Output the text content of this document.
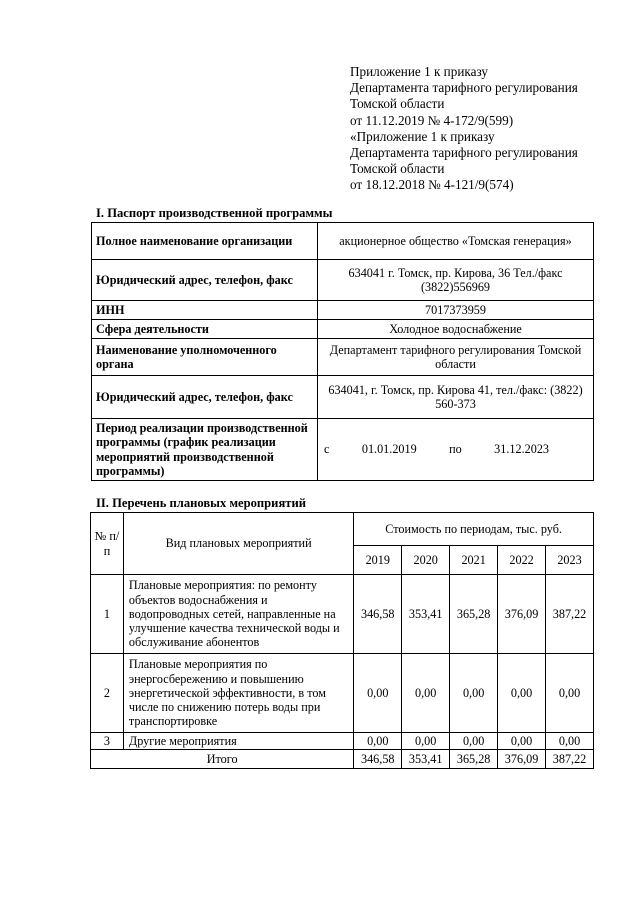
Приложение 1 к приказу
Департамента тарифного регулирования
Томской области
от 11.12.2019 № 4-172/9(599)
«Приложение 1 к приказу
Департамента тарифного регулирования
Томской области
от 18.12.2018 № 4-121/9(574)
I. Паспорт производственной программы
Полное наименование организации	акционерное общество «Томская генерация»
Юридический адрес, телефон, факс	634041 г. Томск, пр. Кирова, 36 Тел./факс (3822)556969
ИНН	7017373959
Сфера деятельности	Холодное водоснабжение
Наименование уполномоченного органа	Департамент тарифного регулирования Томской области
Юридический адрес, телефон, факс	634041, г. Томск, пр. Кирова 41, тел./факс: (3822) 560-373
Период реализации производственной программы (график реализации мероприятий производственной программы)	с 01.01.2019 по 31.12.2023
II. Перечень плановых мероприятий
№ п/п	Вид плановых мероприятий	Стоимость по периодам, тыс. руб.				
		2019	2020	2021	2022	2023
1	Плановые мероприятия: по ремонту объектов водоснабжения и водопроводных сетей, направленные на улучшение качества технической воды и обслуживание абонентов	346,58	353,41	365,28	376,09	387,22
2	Плановые мероприятия по энергосбережению и повышению энергетической эффективности, в том числе по снижению потерь воды при транспортировке	0,00	0,00	0,00	0,00	0,00
3	Другие мероприятия	0,00	0,00	0,00	0,00	0,00
Итого		346,58	353,41	365,28	376,09	387,22
